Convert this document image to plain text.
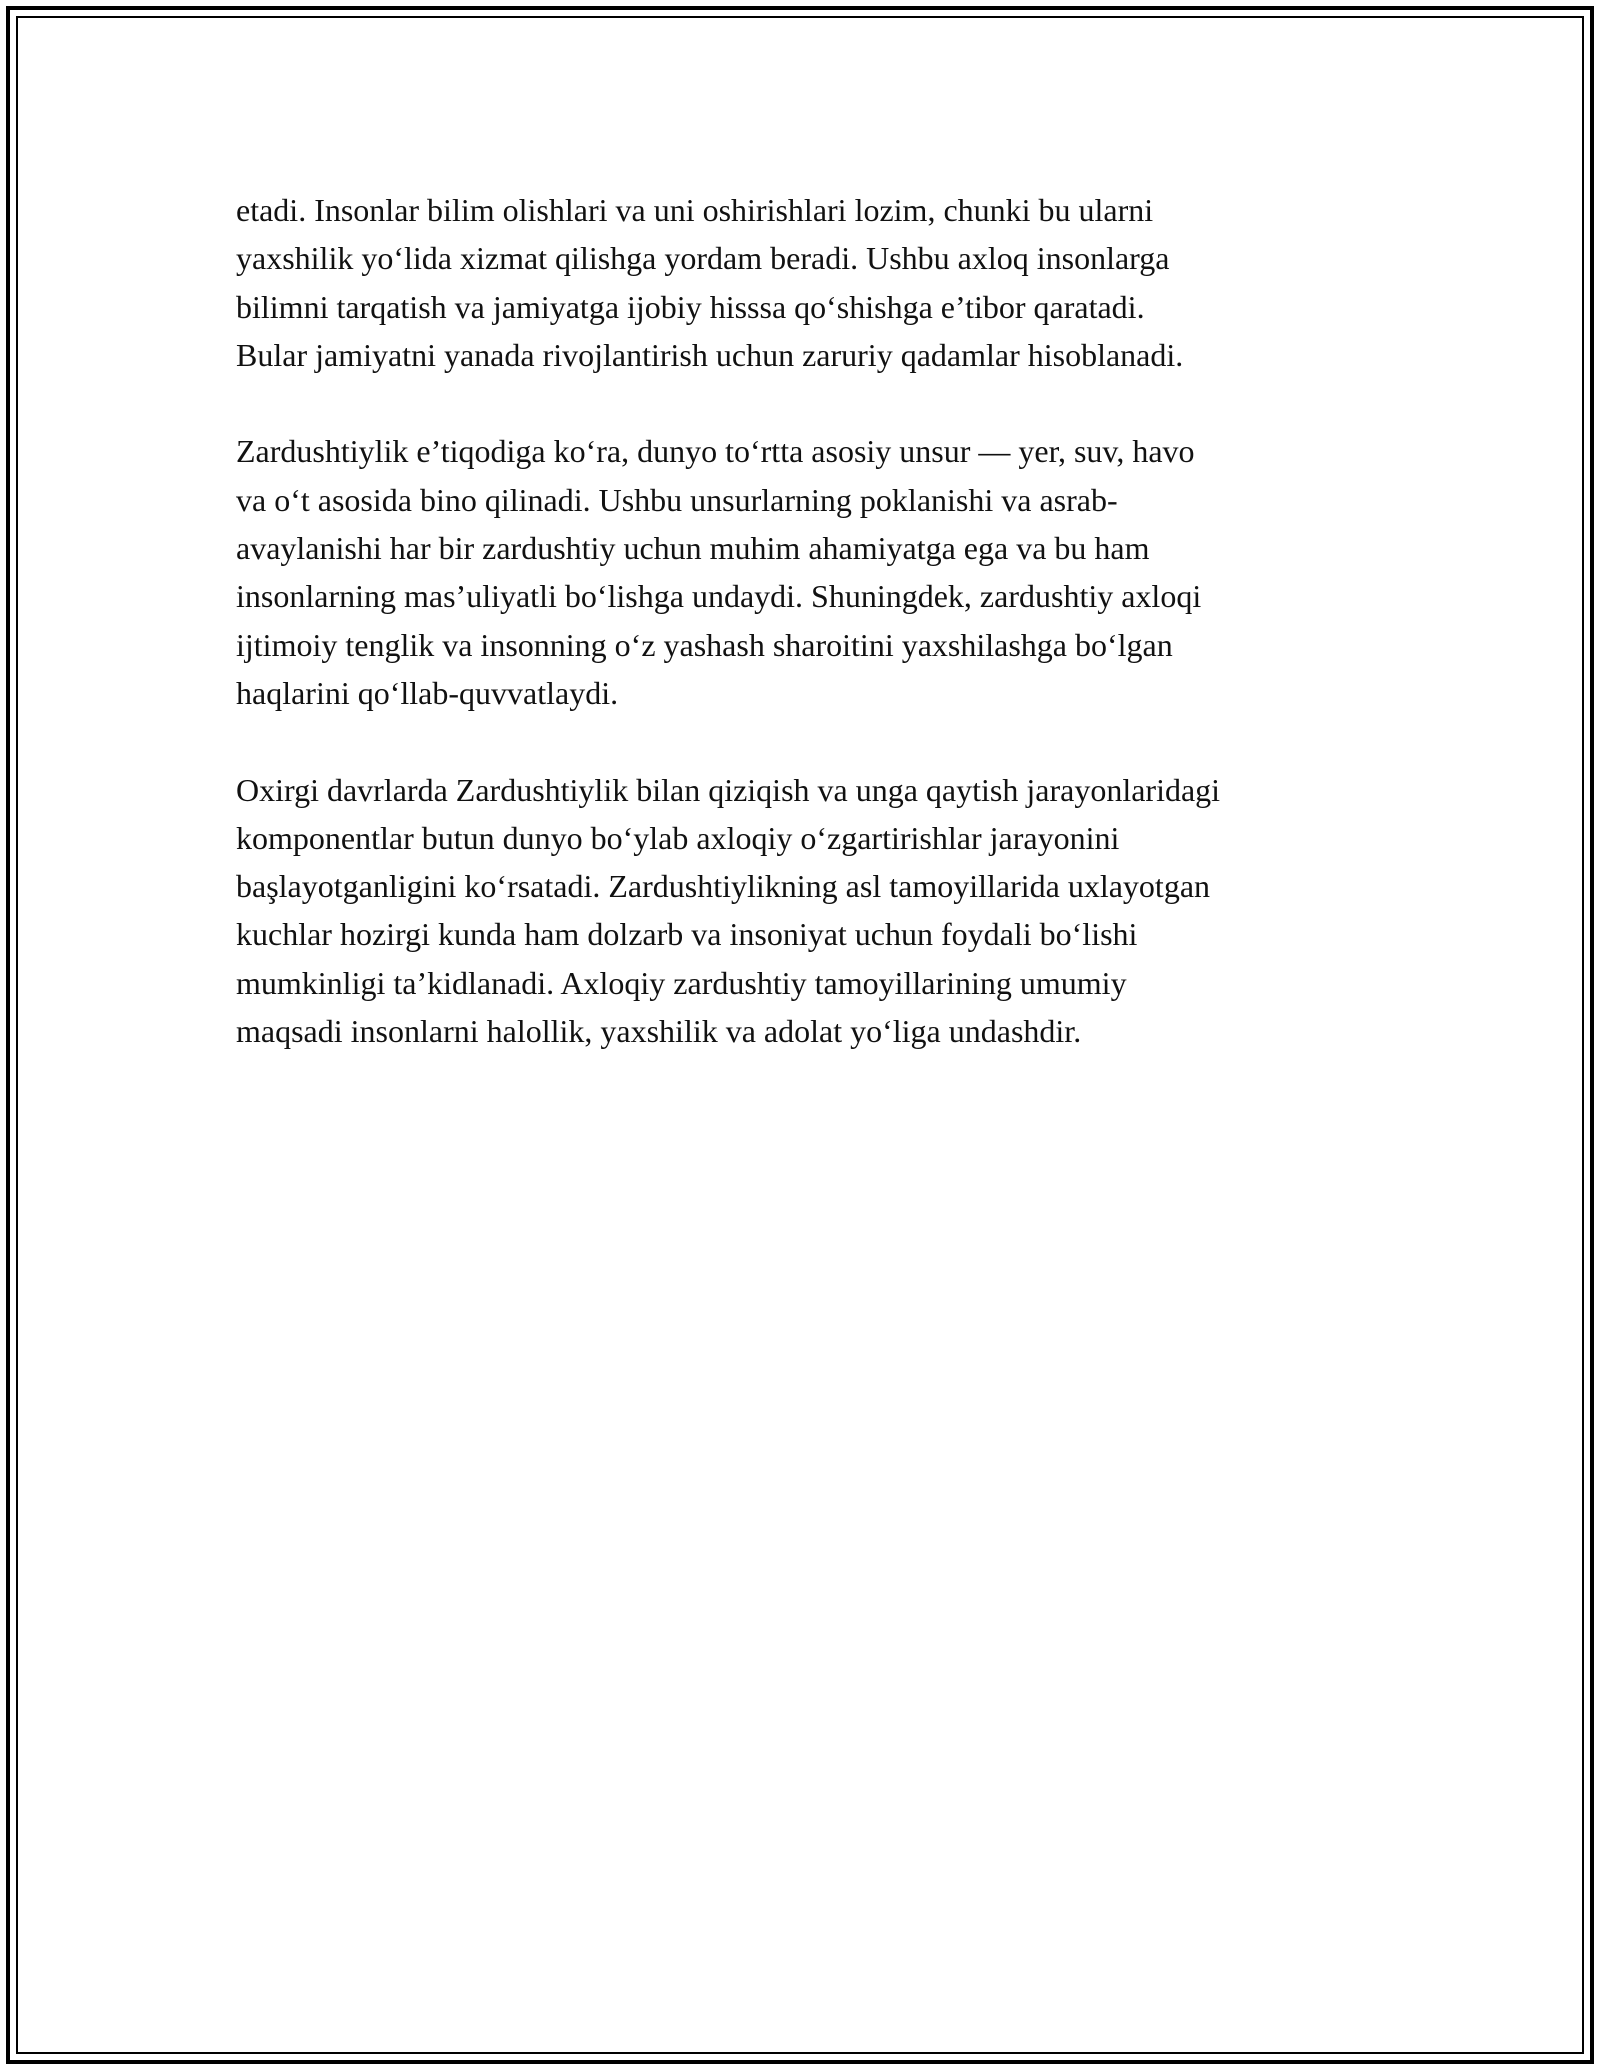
etadi. Insonlar bilim olishlari va uni oshirishlari lozim, chunki bu ularni
yaxshilik yo‘lida xizmat qilishga yordam beradi. Ushbu axloq insonlarga
bilimni tarqatish va jamiyatga ijobiy hisssa qo‘shishga e’tibor qaratadi.
Bular jamiyatni yanada rivojlantirish uchun zaruriy qadamlar hisoblanadi.

Zardushtiylik e’tiqodiga ko‘ra, dunyo to‘rtta asosiy unsur — yer, suv, havo
va o‘t asosida bino qilinadi. Ushbu unsurlarning poklanishi va asrab-
avaylanishi har bir zardushtiy uchun muhim ahamiyatga ega va bu ham
insonlarning mas’uliyatli bo‘lishga undaydi. Shuningdek, zardushtiy axloqi
ijtimoiy tenglik va insonning o‘z yashash sharoitini yaxshilashga bo‘lgan
haqlarini qo‘llab-quvvatlaydi.

Oxirgi davrlarda Zardushtiylik bilan qiziqish va unga qaytish jarayonlaridagi
komponentlar butun dunyo bo‘ylab axloqiy o‘zgartirishlar jarayonini
başlayotganligini ko‘rsatadi. Zardushtiylikning asl tamoyillarida uxlayotgan
kuchlar hozirgi kunda ham dolzarb va insoniyat uchun foydali bo‘lishi
mumkinligi ta’kidlanadi. Axloqiy zardushtiy tamoyillarining umumiy
maqsadi insonlarni halollik, yaxshilik va adolat yo‘liga undashdir.
